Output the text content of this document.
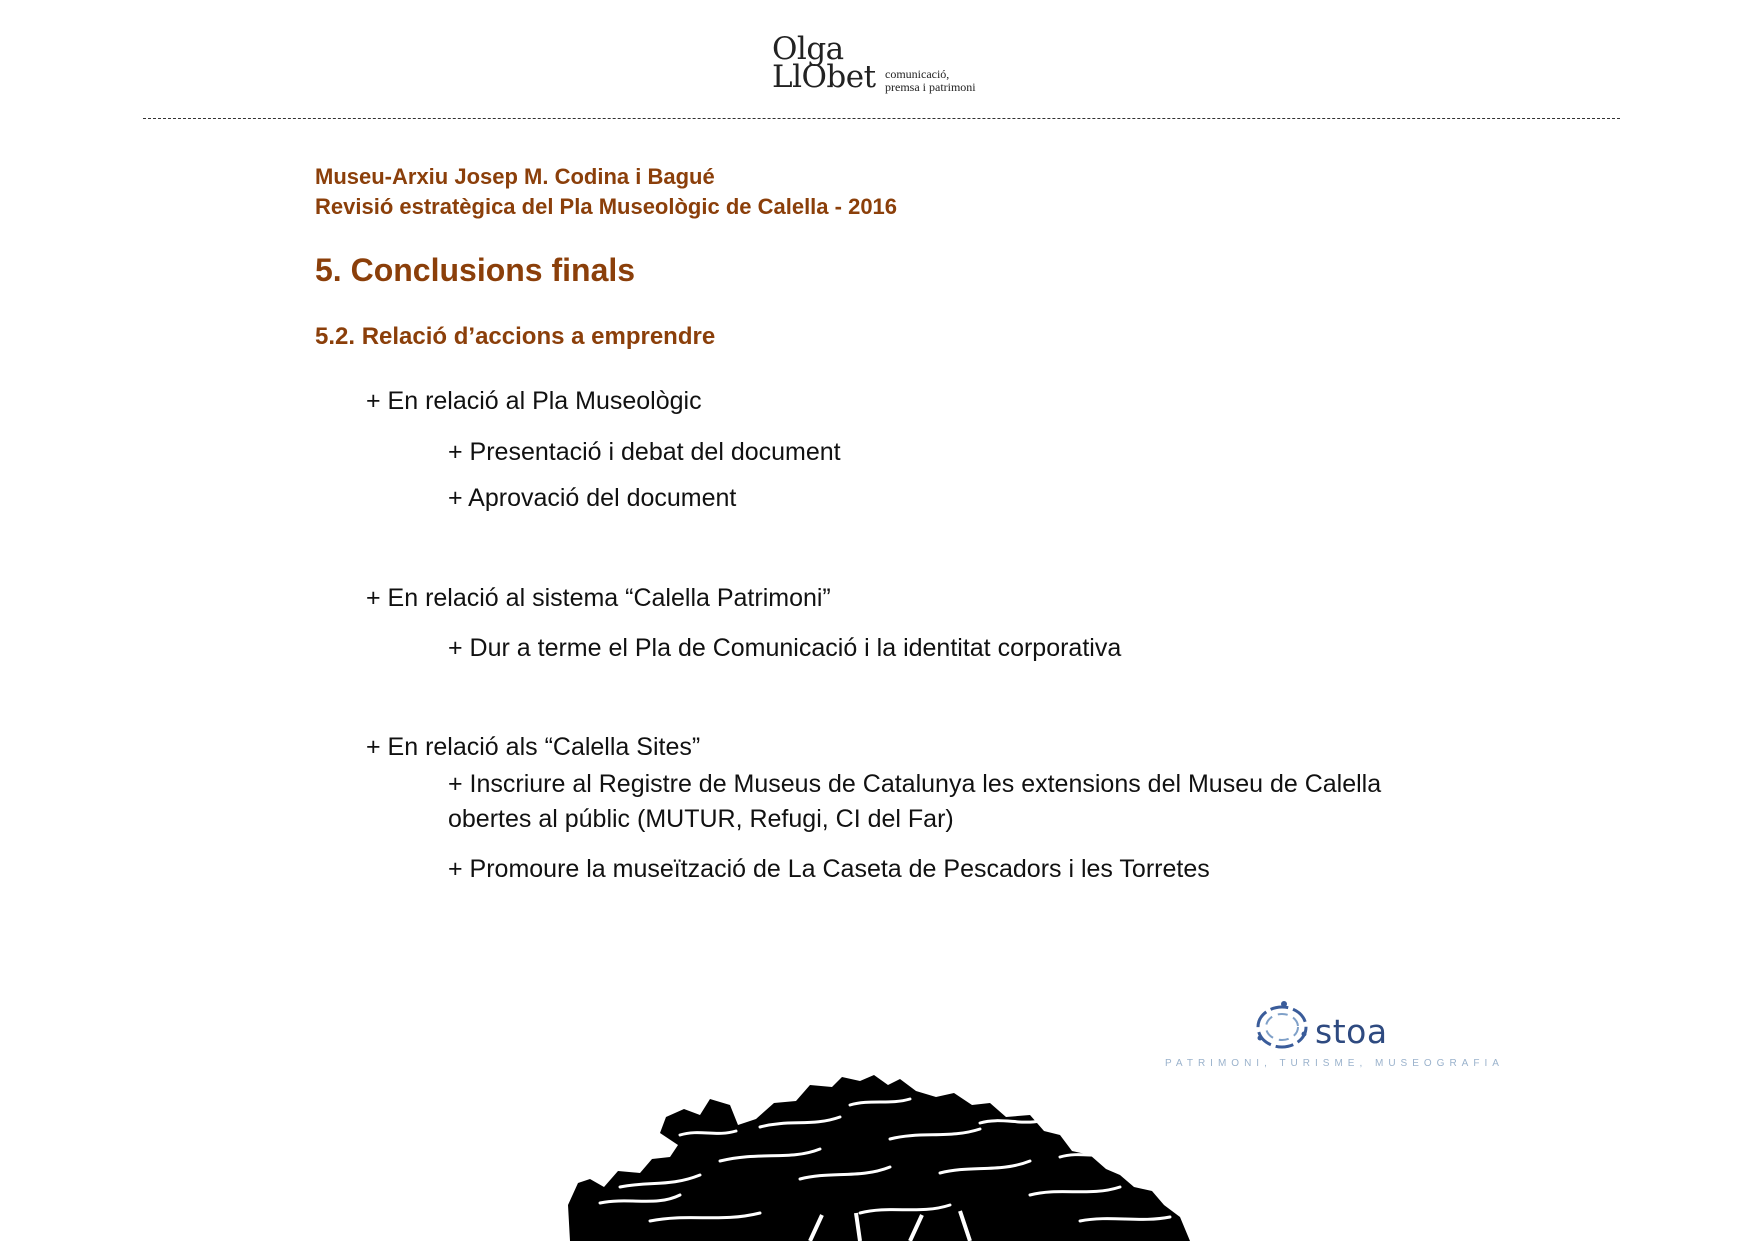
Olga
LlObet comunicació,
premsa i patrimoni
Museu-Arxiu Josep M. Codina i Bagué
Revisió estratègica del Pla Museològic de Calella - 2016
5. Conclusions finals
5.2. Relació d’accions a emprendre
+ En relació al Pla Museològic
+ Presentació i debat del document
+ Aprovació del document
+ En relació al sistema “Calella Patrimoni”
+ Dur a terme el Pla de Comunicació i la identitat corporativa
+ En relació als “Calella Sites”
+ Inscriure al Registre de Museus de Catalunya les extensions del Museu de Calella obertes al públic (MUTUR, Refugi, CI del Far)
+ Promoure la museïtzació de La Caseta de Pescadors i les Torretes
stoa
PATRIMONI, TURISME, MUSEOGRAFIA
